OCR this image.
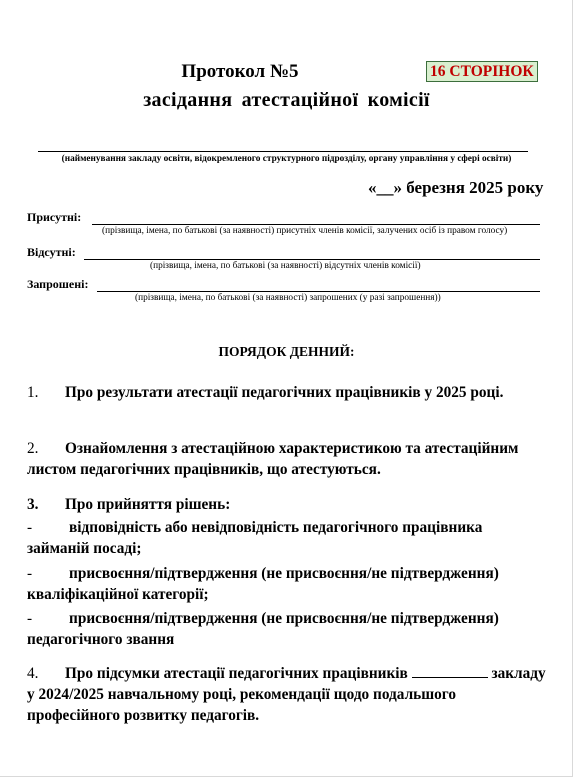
Протокол №5	16 СТОРІНОК
засідання атестаційної комісії
(найменування закладу освіти, відокремленого структурного підрозділу, органу управління у сфері освіти)
«__» березня 2025 року
Присутні:
(прізвища, імена, по батькові (за наявності) присутніх членів комісії, залучених осіб із правом голосу)
Відсутні:
(прізвища, імена, по батькові (за наявності) відсутніх членів комісії)
Запрошені:
(прізвища, імена, по батькові (за наявності) запрошених (у разі запрошення))
ПОРЯДОК ДЕННИЙ:
1. Про результати атестації педагогічних працівників у 2025 році.
2. Ознайомлення з атестаційною характеристикою та атестаційним листом педагогічних працівників, що атестуються.
3. Про прийняття рішень:
- відповідність або невідповідність педагогічного працівника займаній посаді;
- присвоєння/підтвердження (не присвоєння/не підтвердження) кваліфікаційної категорії;
- присвоєння/підтвердження (не присвоєння/не підтвердження) педагогічного звання
4. Про підсумки атестації педагогічних працівників	закладу у 2024/2025 навчальному році, рекомендації щодо подальшого професійного розвитку педагогів.
